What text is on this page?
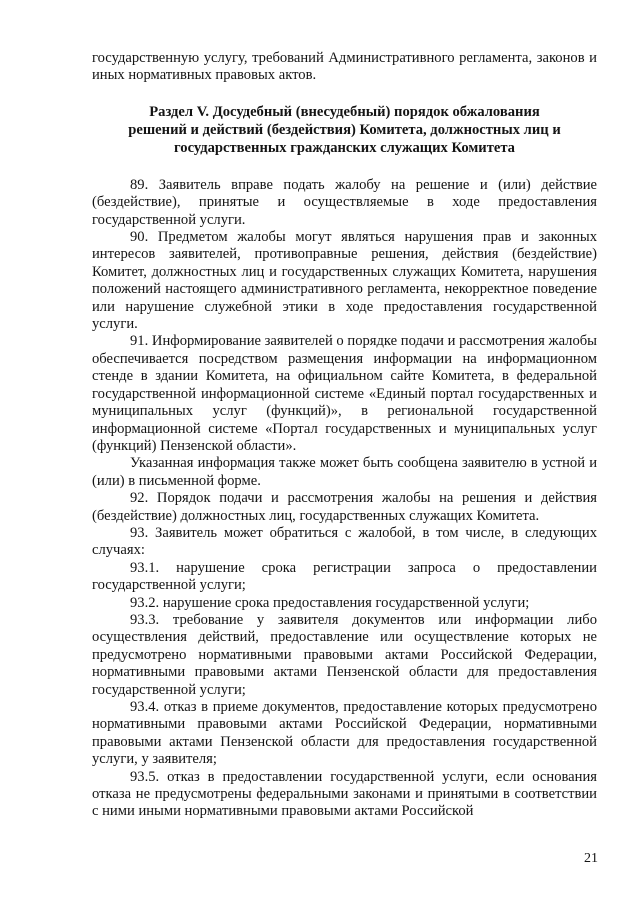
государственную услугу, требований Административного регламента, законов и иных нормативных правовых актов.

Раздел V. Досудебный (внесудебный) порядок обжалования
решений и действий (бездействия) Комитета, должностных лиц и
государственных гражданских служащих Комитета

89. Заявитель вправе подать жалобу на решение и (или) действие (бездействие), принятые и осуществляемые в ходе предоставления государственной услуги.

90. Предметом жалобы могут являться нарушения прав и законных интересов заявителей, противоправные решения, действия (бездействие) Комитет, должностных лиц и государственных служащих Комитета, нарушения положений настоящего административного регламента, некорректное поведение или нарушение служебной этики в ходе предоставления государственной услуги.

91. Информирование заявителей о порядке подачи и рассмотрения жалобы обеспечивается посредством размещения информации на информационном стенде в здании Комитета, на официальном сайте Комитета, в федеральной государственной информационной системе «Единый портал государственных и муниципальных услуг (функций)», в региональной государственной информационной системе «Портал государственных и муниципальных услуг (функций) Пензенской области».

Указанная информация также может быть сообщена заявителю в устной и (или) в письменной форме.

92. Порядок подачи и рассмотрения жалобы на решения и действия (бездействие) должностных лиц, государственных служащих Комитета.

93. Заявитель может обратиться с жалобой, в том числе, в следующих случаях:

93.1. нарушение срока регистрации запроса о предоставлении государственной услуги;

93.2. нарушение срока предоставления государственной услуги;

93.3. требование у заявителя документов или информации либо осуществления действий, предоставление или осуществление которых не предусмотрено нормативными правовыми актами Российской Федерации, нормативными правовыми актами Пензенской области для предоставления государственной услуги;

93.4. отказ в приеме документов, предоставление которых предусмотрено нормативными правовыми актами Российской Федерации, нормативными правовыми актами Пензенской области для предоставления государственной услуги, у заявителя;

93.5. отказ в предоставлении государственной услуги, если основания отказа не предусмотрены федеральными законами и принятыми в соответствии с ними иными нормативными правовыми актами Российской

21
